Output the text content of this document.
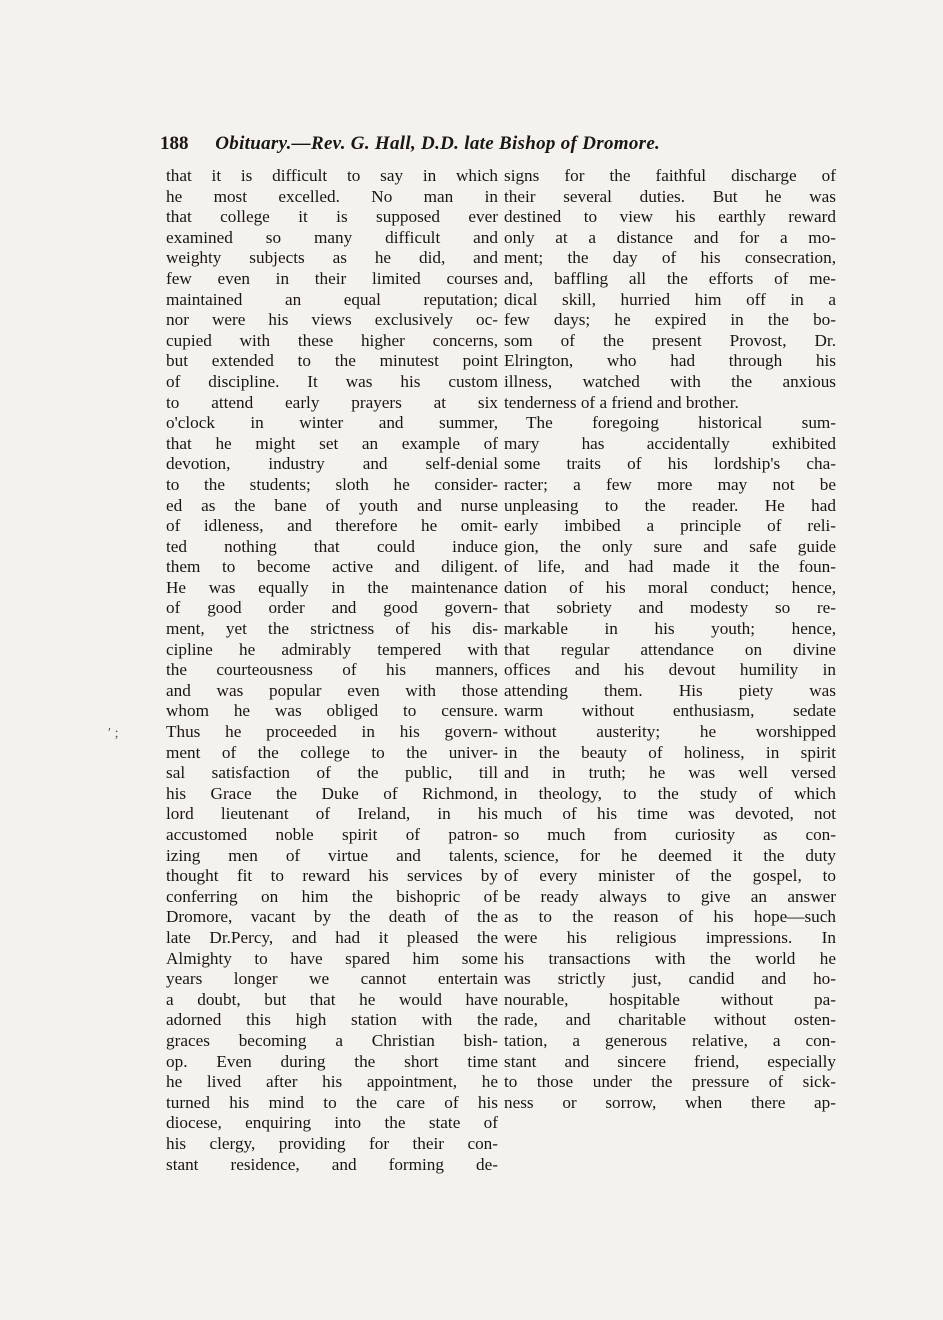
188 Obituary.—Rev. G. Hall, D.D. late Bishop of Dromore.
′ ;
that it is difficult to say in which
he most excelled. No man in
that college it is supposed ever
examined so many difficult and
weighty subjects as he did, and
few even in their limited courses
maintained an equal reputation;
nor were his views exclusively oc-
cupied with these higher concerns,
but extended to the minutest point
of discipline. It was his custom
to attend early prayers at six
o'clock in winter and summer,
that he might set an example of
devotion, industry and self-denial
to the students; sloth he consider-
ed as the bane of youth and nurse
of idleness, and therefore he omit-
ted nothing that could induce
them to become active and diligent.
He was equally in the maintenance
of good order and good govern-
ment, yet the strictness of his dis-
cipline he admirably tempered with
the courteousness of his manners,
and was popular even with those
whom he was obliged to censure.
Thus he proceeded in his govern-
ment of the college to the univer-
sal satisfaction of the public, till
his Grace the Duke of Richmond,
lord lieutenant of Ireland, in his
accustomed noble spirit of patron-
izing men of virtue and talents,
thought fit to reward his services by
conferring on him the bishopric of
Dromore, vacant by the death of the
late Dr.Percy, and had it pleased the
Almighty to have spared him some
years longer we cannot entertain
a doubt, but that he would have
adorned this high station with the
graces becoming a Christian bish-
op. Even during the short time
he lived after his appointment, he
turned his mind to the care of his
diocese, enquiring into the state of
his clergy, providing for their con-
stant residence, and forming de-
signs for the faithful discharge of
their several duties. But he was
destined to view his earthly reward
only at a distance and for a mo-
ment; the day of his consecration,
and, baffling all the efforts of me-
dical skill, hurried him off in a
few days; he expired in the bo-
som of the present Provost, Dr.
Elrington, who had through his
illness, watched with the anxious
tenderness of a friend and brother.
The foregoing historical sum-
mary has accidentally exhibited
some traits of his lordship's cha-
racter; a few more may not be
unpleasing to the reader. He had
early imbibed a principle of reli-
gion, the only sure and safe guide
of life, and had made it the foun-
dation of his moral conduct; hence,
that sobriety and modesty so re-
markable in his youth; hence,
that regular attendance on divine
offices and his devout humility in
attending them. His piety was
warm without enthusiasm, sedate
without austerity; he worshipped
in the beauty of holiness, in spirit
and in truth; he was well versed
in theology, to the study of which
much of his time was devoted, not
so much from curiosity as con-
science, for he deemed it the duty
of every minister of the gospel, to
be ready always to give an answer
as to the reason of his hope—such
were his religious impressions. In
his transactions with the world he
was strictly just, candid and ho-
nourable, hospitable without pa-
rade, and charitable without osten-
tation, a generous relative, a con-
stant and sincere friend, especially
to those under the pressure of sick-
ness or sorrow, when there ap-
